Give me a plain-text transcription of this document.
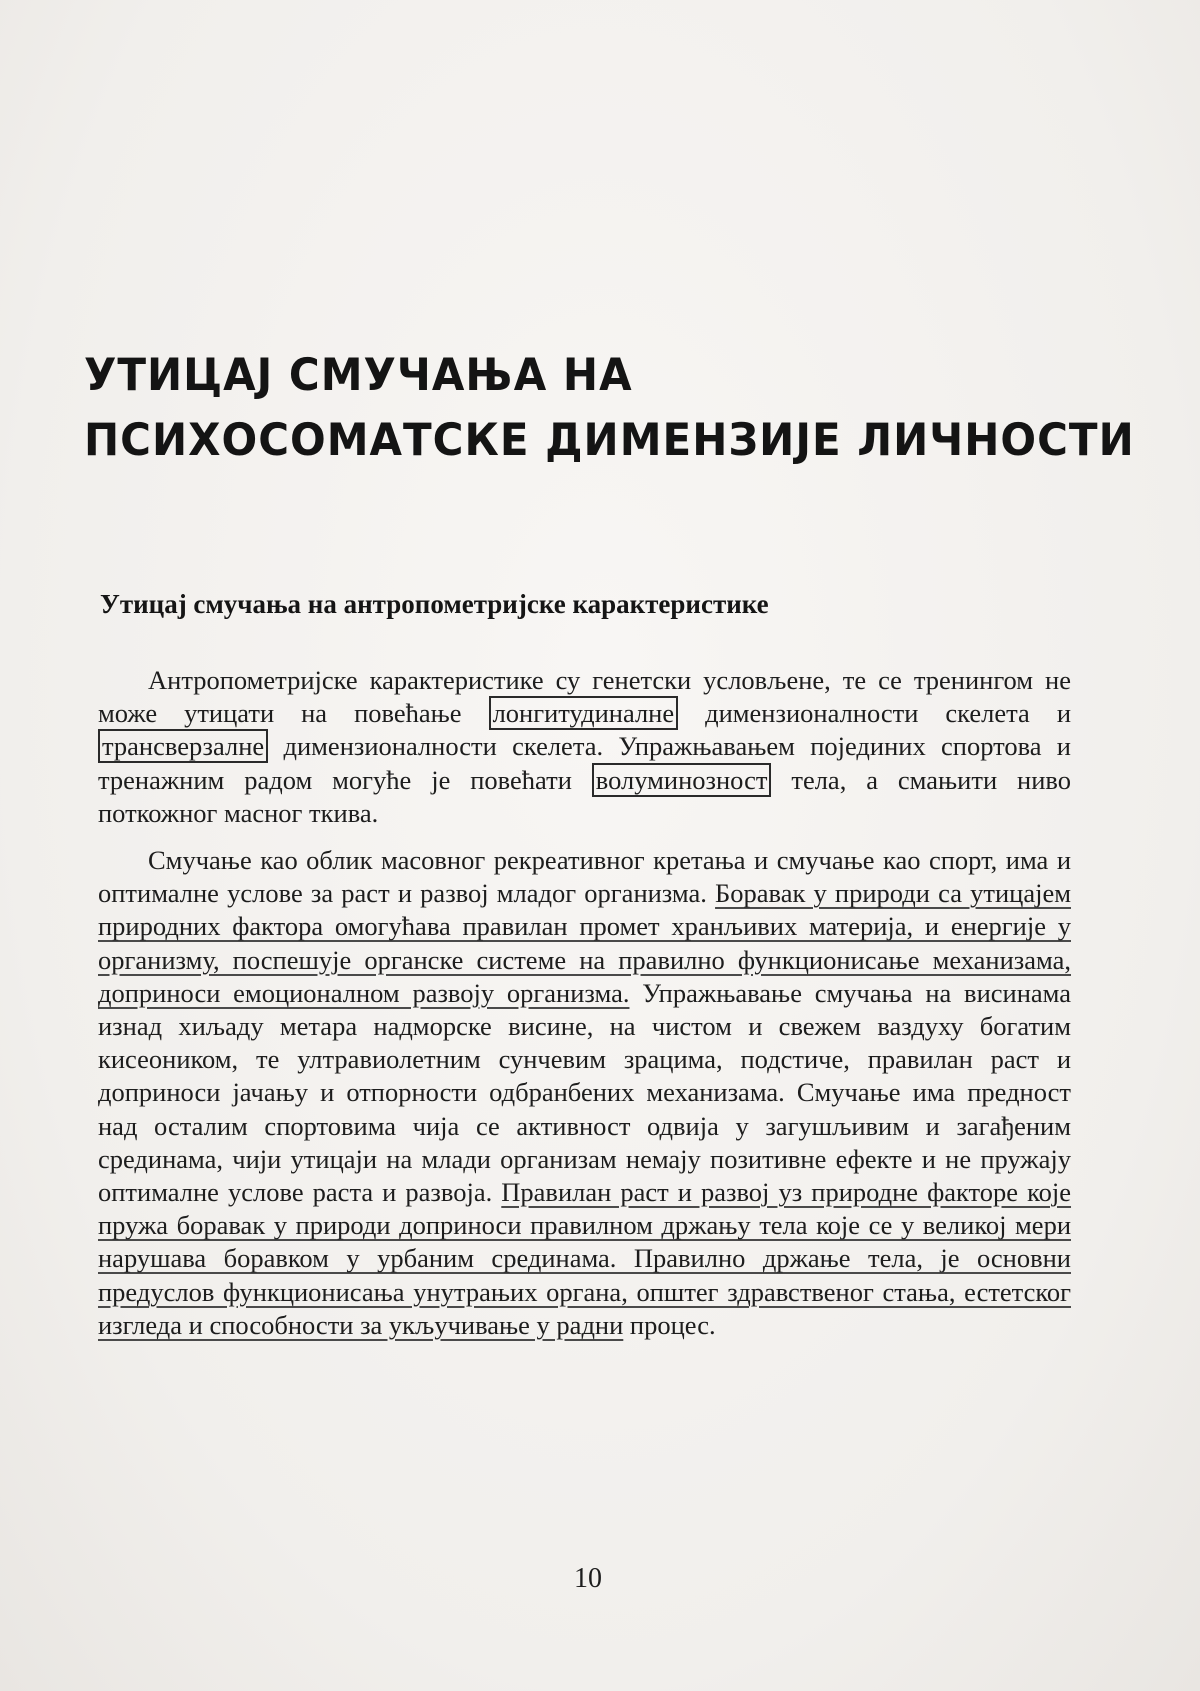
УТИЦАЈ СМУЧАЊА НА
ПСИХОСОМАТСКЕ ДИМЕНЗИЈЕ ЛИЧНОСТИ
Утицај смучања на антропометријске карактеристике

Антропометријске карактеристике су генетски условљене, те се тренингом не може утицати на повећање лонгитудиналне димензионалности скелета и трансверзалне димензионалности скелета. Упражњавањем појединих спортова и тренажним радом могуће је повећати волуминозност тела, а смањити ниво поткожног масног ткива.

Смучање као облик масовног рекреативног кретања и смучање као спорт, има и оптималне услове за раст и развој младог организма. Боравак у природи са утицајем природних фактора омогућава правилан промет хранљивих материја, и енергије у организму, поспешује органске системе на правилно функционисање механизама, доприноси емоционалном развоју организма. Упражњавање смучања на висинама изнад хиљаду метара надморске висине, на чистом и свежем ваздуху богатим кисеоником, те ултравиолетним сунчевим зрацима, подстиче, правилан раст и доприноси јачању и отпорности одбранбених механизама. Смучање има предност над осталим спортовима чија се активност одвија у загушљивим и загађеним срединама, чији утицаји на млади организам немају позитивне ефекте и не пружају оптималне услове раста и развоја. Правилан раст и развој уз природне факторе које пружа боравак у природи доприноси правилном држању тела које се у великој мери нарушава боравком у урбаним срединама. Правилно држање тела, је основни предуслов функционисања унутрањих органа, општег здравственог стања, естетског изгледа и способности за укључивање у радни процес.

10
